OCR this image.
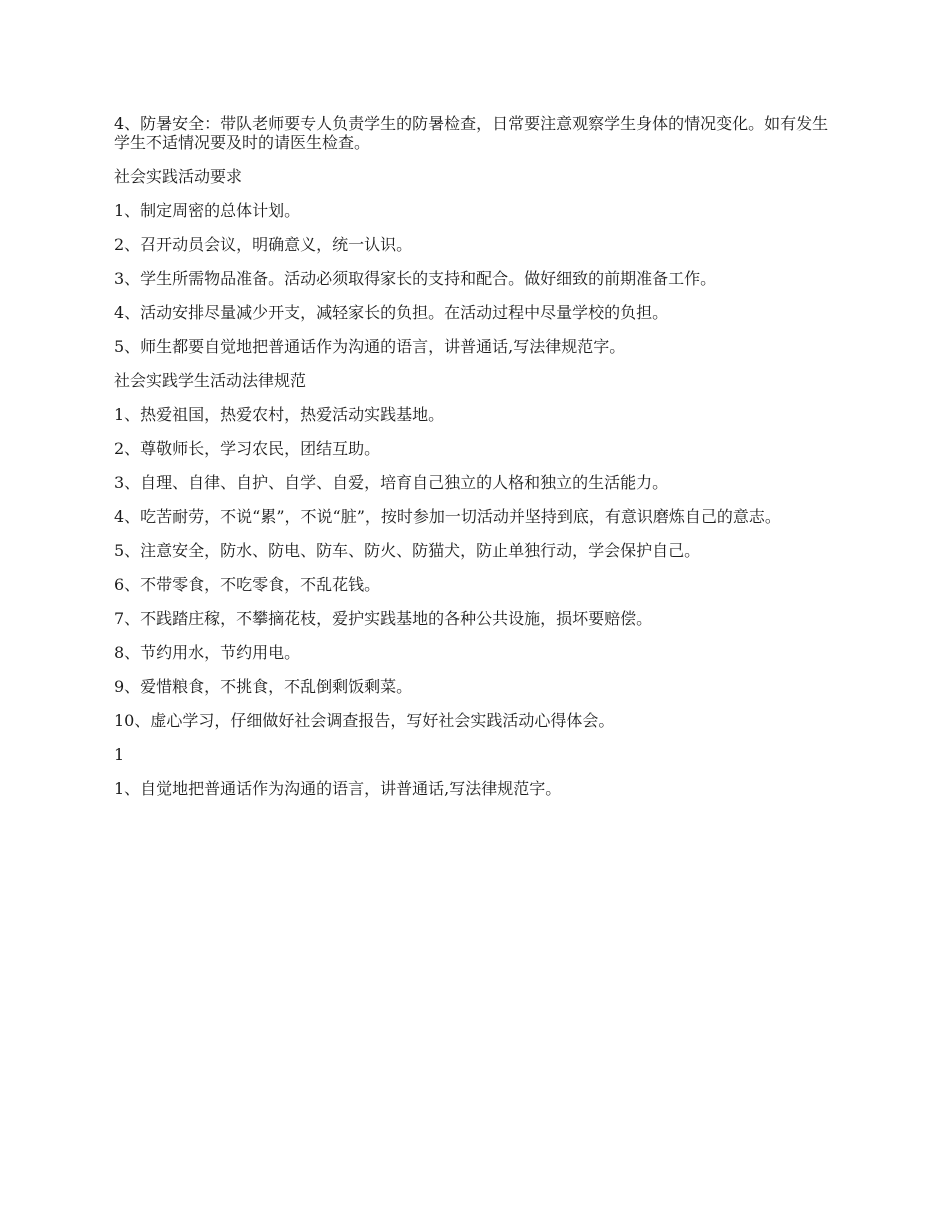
4、防暑安全：带队老师要专人负责学生的防暑检查，日常要注意观察学生身体的情况变化。如有发生学生不适情况要及时的请医生检查。

社会实践活动要求

1、制定周密的总体计划。

2、召开动员会议，明确意义，统一认识。

3、学生所需物品准备。活动必须取得家长的支持和配合。做好细致的前期准备工作。

4、活动安排尽量减少开支，减轻家长的负担。在活动过程中尽量学校的负担。

5、师生都要自觉地把普通话作为沟通的语言，讲普通话,写法律规范字。

社会实践学生活动法律规范

1、热爱祖国，热爱农村，热爱活动实践基地。

2、尊敬师长，学习农民，团结互助。

3、自理、自律、自护、自学、自爱，培育自己独立的人格和独立的生活能力。

4、吃苦耐劳，不说“累”，不说“脏”，按时参加一切活动并坚持到底，有意识磨炼自己的意志。

5、注意安全，防水、防电、防车、防火、防猫犬，防止单独行动，学会保护自己。

6、不带零食，不吃零食，不乱花钱。

7、不践踏庄稼，不攀摘花枝，爱护实践基地的各种公共设施，损坏要赔偿。

8、节约用水，节约用电。

9、爱惜粮食，不挑食，不乱倒剩饭剩菜。

10、虚心学习，仔细做好社会调查报告，写好社会实践活动心得体会。

1

1、自觉地把普通话作为沟通的语言，讲普通话,写法律规范字。
